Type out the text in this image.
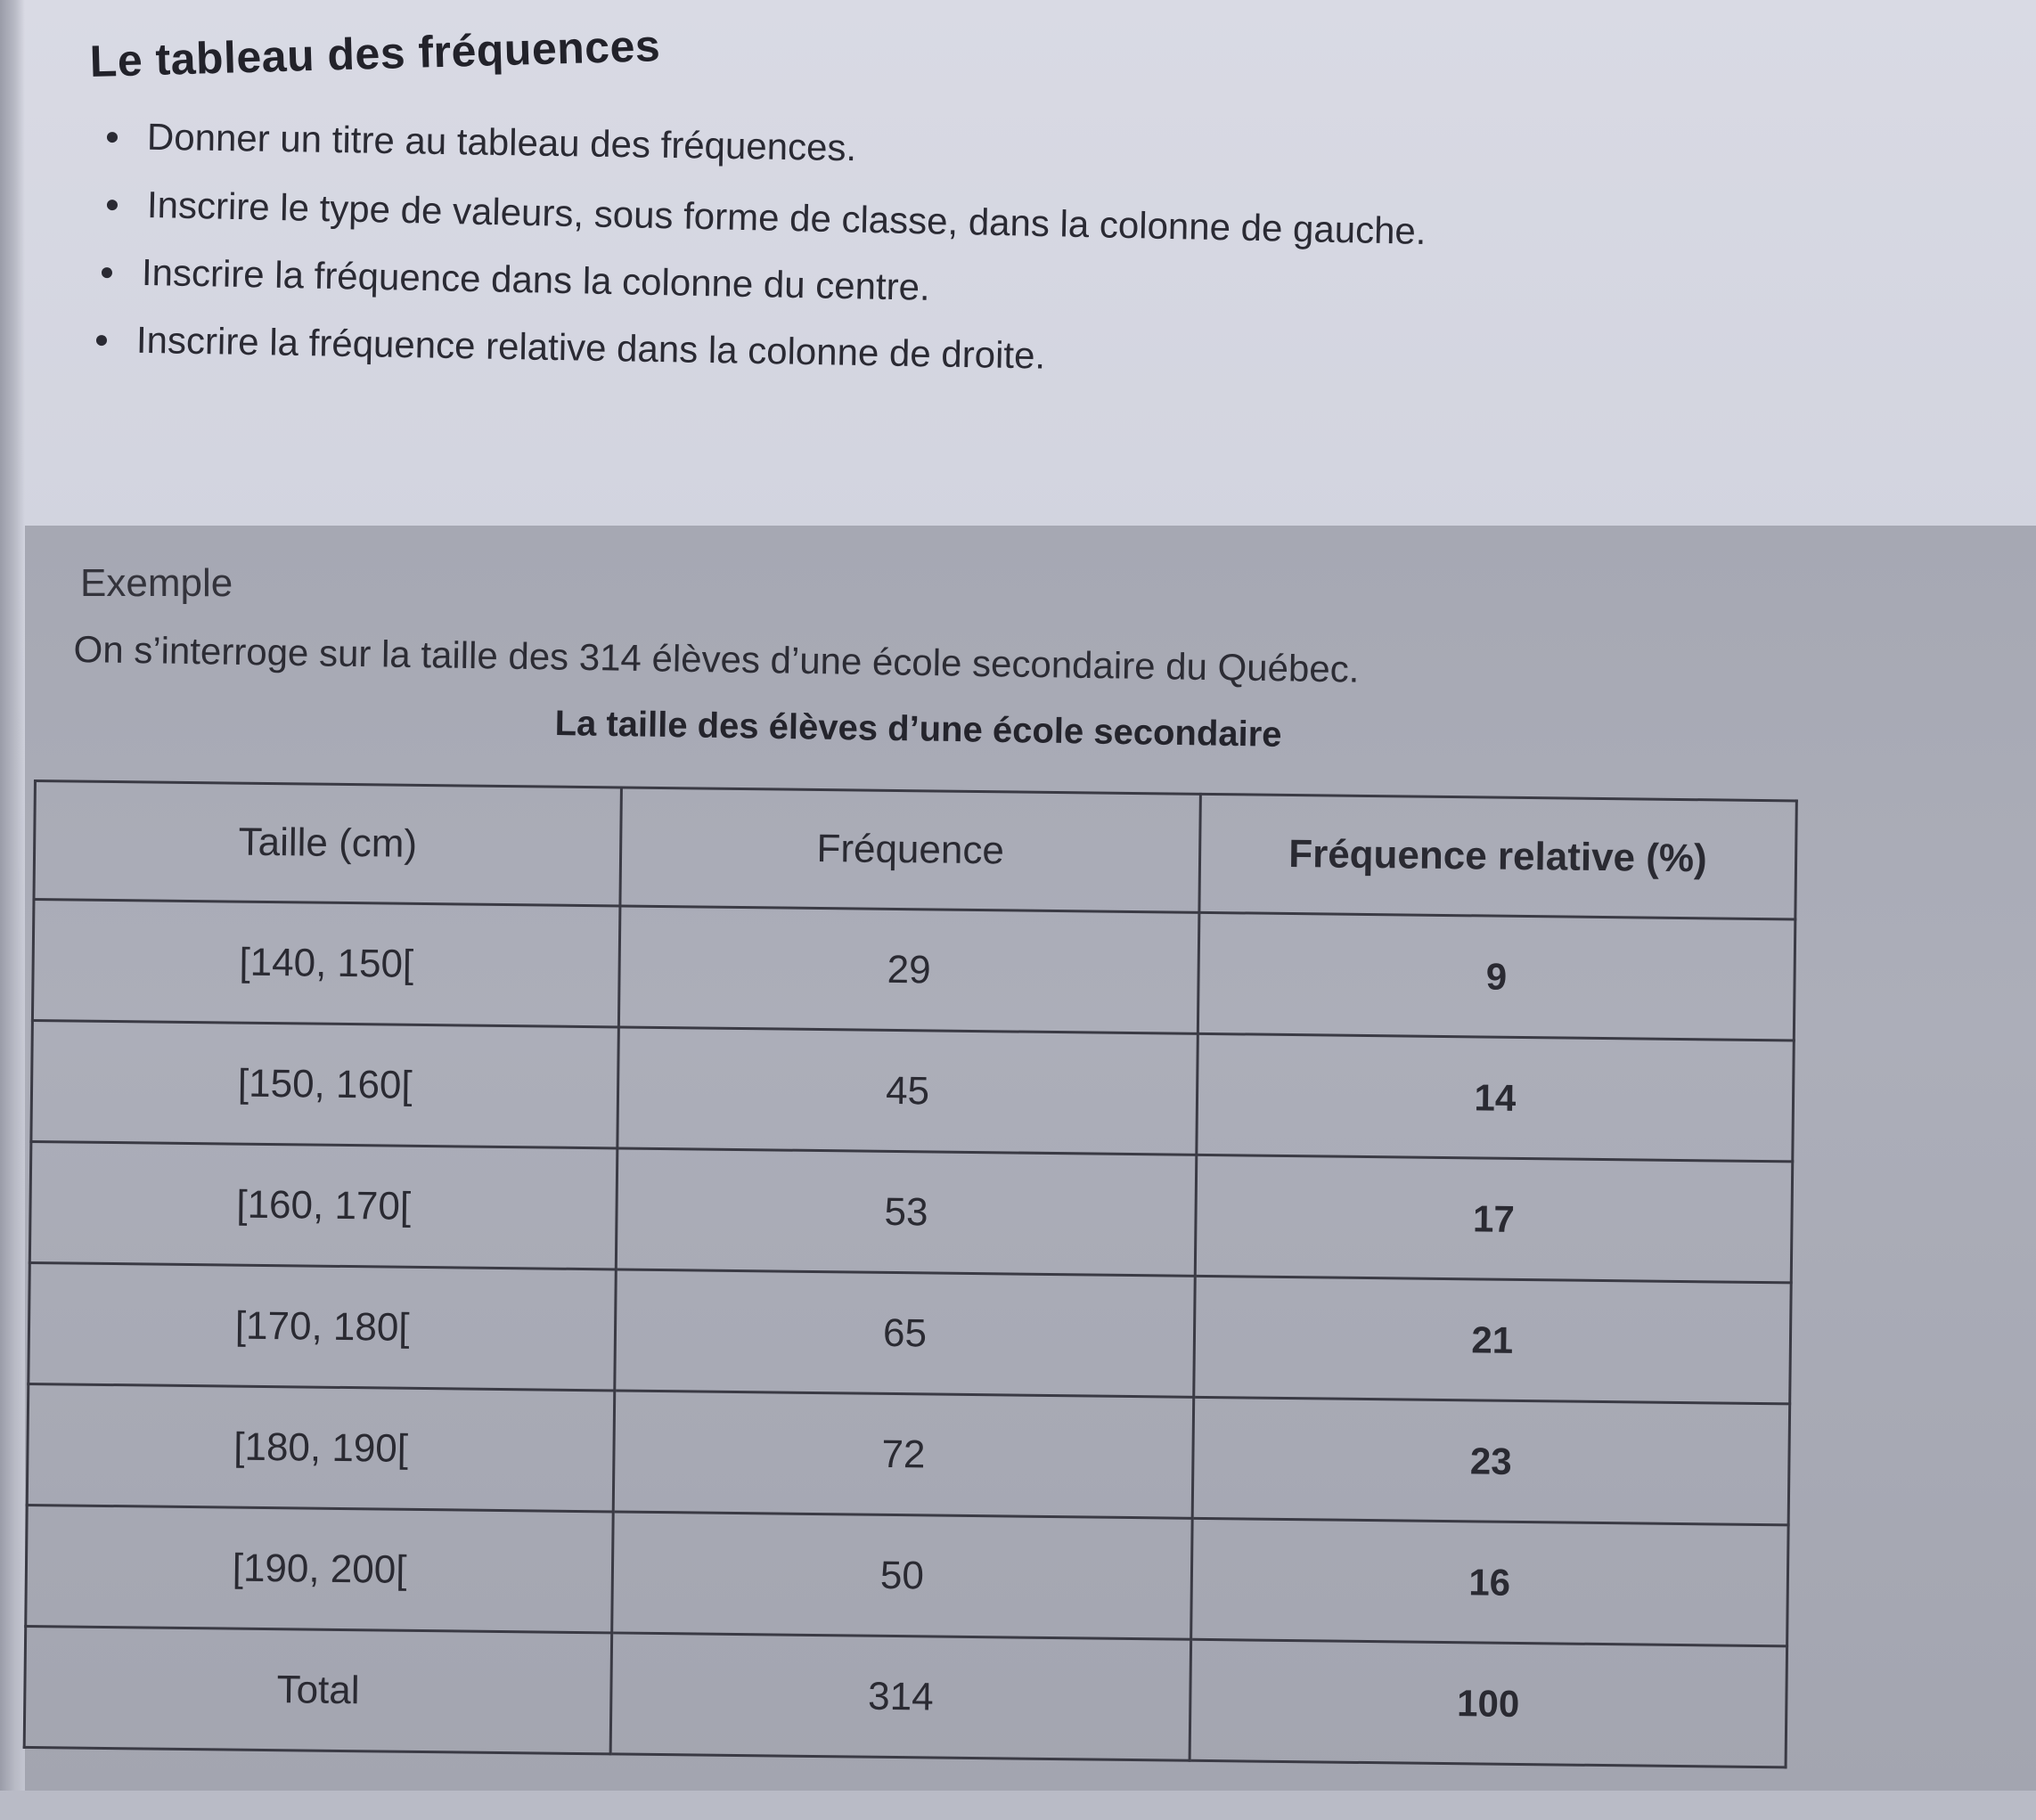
Le tableau des fréquences
Donner un titre au tableau des fréquences.
Inscrire le type de valeurs, sous forme de classe, dans la colonne de gauche.
Inscrire la fréquence dans la colonne du centre.
Inscrire la fréquence relative dans la colonne de droite.
Exemple
On s’interroge sur la taille des 314 élèves d’une école secondaire du Québec.
La taille des élèves d’une école secondaire
Taille (cm)	Fréquence	Fréquence relative (%)
[140, 150[	29	9
[150, 160[	45	14
[160, 170[	53	17
[170, 180[	65	21
[180, 190[	72	23
[190, 200[	50	16
Total	314	100
